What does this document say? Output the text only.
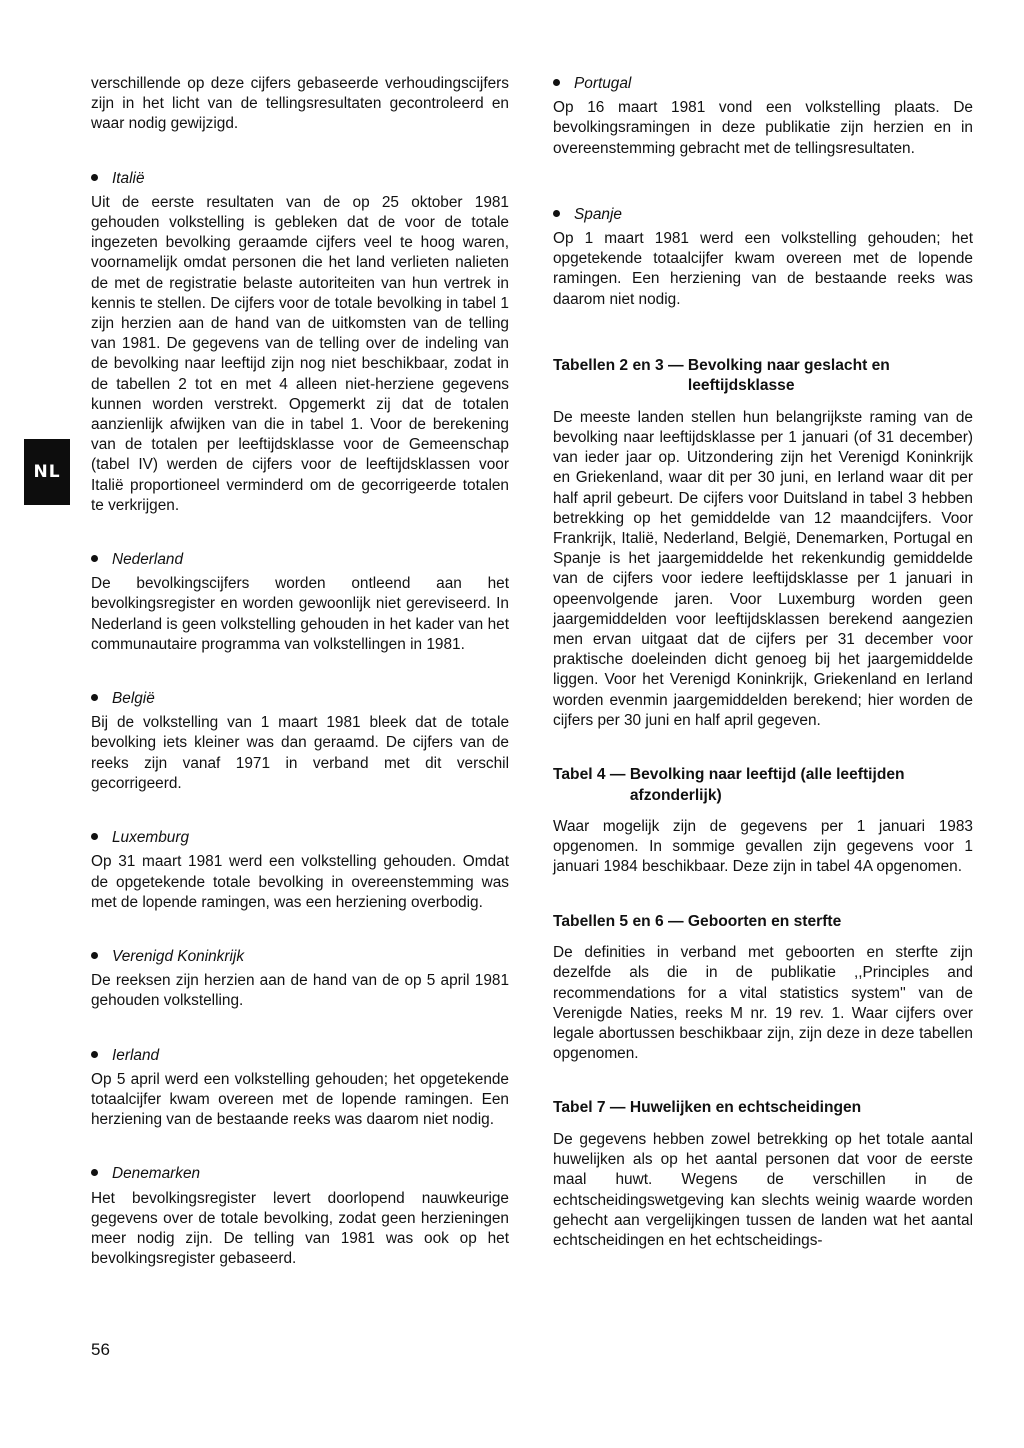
NL

verschillende op deze cijfers gebaseerde verhoudingscijfers zijn in het licht van de tellingsresultaten gecontroleerd en waar nodig gewijzigd.

Italië

Uit de eerste resultaten van de op 25 oktober 1981 gehouden volkstelling is gebleken dat de voor de totale ingezeten bevolking geraamde cijfers veel te hoog waren, voornamelijk omdat personen die het land verlieten nalieten de met de registratie belaste autoriteiten van hun vertrek in kennis te stellen. De cijfers voor de totale bevolking in tabel 1 zijn herzien aan de hand van de uitkomsten van de telling van 1981. De gegevens van de telling over de indeling van de bevolking naar leeftijd zijn nog niet beschikbaar, zodat in de tabellen 2 tot en met 4 alleen niet-herziene gegevens kunnen worden verstrekt. Opgemerkt zij dat de totalen aanzienlijk afwijken van die in tabel 1. Voor de berekening van de totalen per leeftijdsklasse voor de Gemeenschap (tabel IV) werden de cijfers voor de leeftijdsklassen voor Italië proportioneel verminderd om de gecorrigeerde totalen te verkrijgen.

Nederland

De bevolkingscijfers worden ontleend aan het bevolkingsregister en worden gewoonlijk niet gereviseerd. In Nederland is geen volkstelling gehouden in het kader van het communautaire programma van volkstellingen in 1981.

België

Bij de volkstelling van 1 maart 1981 bleek dat de totale bevolking iets kleiner was dan geraamd. De cijfers van de reeks zijn vanaf 1971 in verband met dit verschil gecorrigeerd.

Luxemburg

Op 31 maart 1981 werd een volkstelling gehouden. Omdat de opgetekende totale bevolking in overeenstemming was met de lopende ramingen, was een herziening overbodig.

Verenigd Koninkrijk

De reeksen zijn herzien aan de hand van de op 5 april 1981 gehouden volkstelling.

Ierland

Op 5 april werd een volkstelling gehouden; het opgetekende totaalcijfer kwam overeen met de lopende ramingen. Een herziening van de bestaande reeks was daarom niet nodig.

Denemarken

Het bevolkingsregister levert doorlopend nauwkeurige gegevens over de totale bevolking, zodat geen herzieningen meer nodig zijn. De telling van 1981 was ook op het bevolkingsregister gebaseerd.

Portugal

Op 16 maart 1981 vond een volkstelling plaats. De bevolkingsramingen in deze publikatie zijn herzien en in overeenstemming gebracht met de tellingsresultaten.

Spanje

Op 1 maart 1981 werd een volkstelling gehouden; het opgetekende totaalcijfer kwam overeen met de lopende ramingen. Een herziening van de bestaande reeks was daarom niet nodig.

Tabellen 2 en 3 — Bevolking naar geslacht en leeftijdsklasse

De meeste landen stellen hun belangrijkste raming van de bevolking naar leeftijdsklasse per 1 januari (of 31 december) van ieder jaar op. Uitzondering zijn het Verenigd Koninkrijk en Griekenland, waar dit per 30 juni, en Ierland waar dit per half april gebeurt. De cijfers voor Duitsland in tabel 3 hebben betrekking op het gemiddelde van 12 maandcijfers. Voor Frankrijk, Italië, Nederland, België, Denemarken, Portugal en Spanje is het jaargemiddelde het rekenkundig gemiddelde van de cijfers voor iedere leeftijdsklasse per 1 januari in opeenvolgende jaren. Voor Luxemburg worden geen jaargemiddelden voor leeftijdsklassen berekend aangezien men ervan uitgaat dat de cijfers per 31 december voor praktische doeleinden dicht genoeg bij het jaargemiddelde liggen. Voor het Verenigd Koninkrijk, Griekenland en Ierland worden evenmin jaargemiddelden berekend; hier worden de cijfers per 30 juni en half april gegeven.

Tabel 4 — Bevolking naar leeftijd (alle leeftijden afzonderlijk)

Waar mogelijk zijn de gegevens per 1 januari 1983 opgenomen. In sommige gevallen zijn gegevens voor 1 januari 1984 beschikbaar. Deze zijn in tabel 4A opgenomen.

Tabellen 5 en 6 — Geboorten en sterfte

De definities in verband met geboorten en sterfte zijn dezelfde als die in de publikatie ,,Principles and recommendations for a vital statistics system'' van de Verenigde Naties, reeks M nr. 19 rev. 1. Waar cijfers over legale abortussen beschikbaar zijn, zijn deze in deze tabellen opgenomen.

Tabel 7 — Huwelijken en echtscheidingen

De gegevens hebben zowel betrekking op het totale aantal huwelijken als op het aantal personen dat voor de eerste maal huwt. Wegens de verschillen in de echtscheidingswetgeving kan slechts weinig waarde worden gehecht aan vergelijkingen tussen de landen wat het aantal echtscheidingen en het echtscheidings-

56
